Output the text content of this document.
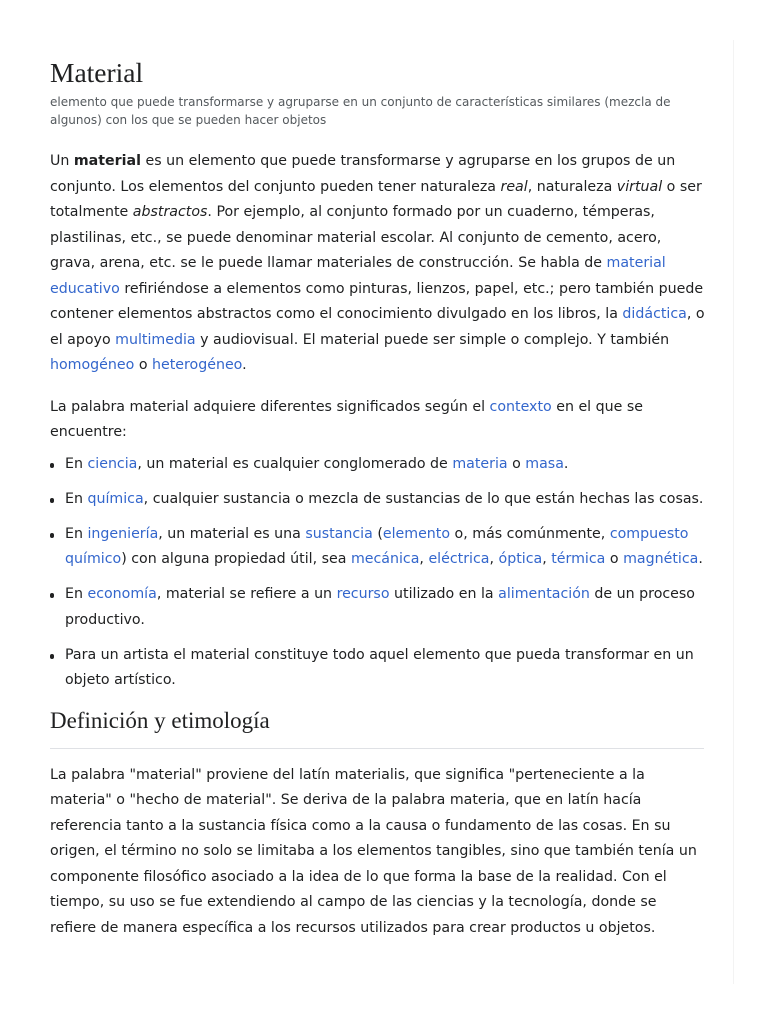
Material
elemento que puede transformarse y agruparse en un conjunto de características similares (mezcla de algunos) con los que se pueden hacer objetos

Un material es un elemento que puede transformarse y agruparse en los grupos de un conjunto. Los elementos del conjunto pueden tener naturaleza real, naturaleza virtual o ser totalmente abstractos. Por ejemplo, al conjunto formado por un cuaderno, témperas, plastilinas, etc., se puede denominar material escolar. Al conjunto de cemento, acero, grava, arena, etc. se le puede llamar materiales de construcción. Se habla de material educativo refiriéndose a elementos como pinturas, lienzos, papel, etc.; pero también puede contener elementos abstractos como el conocimiento divulgado en los libros, la didáctica, o el apoyo multimedia y audiovisual. El material puede ser simple o complejo. Y también homogéneo o heterogéneo.

La palabra material adquiere diferentes significados según el contexto en el que se encuentre:

En ciencia, un material es cualquier conglomerado de materia o masa.
En química, cualquier sustancia o mezcla de sustancias de lo que están hechas las cosas.
En ingeniería, un material es una sustancia (elemento o, más comúnmente, compuesto químico) con alguna propiedad útil, sea mecánica, eléctrica, óptica, térmica o magnética.
En economía, material se refiere a un recurso utilizado en la alimentación de un proceso productivo.
Para un artista el material constituye todo aquel elemento que pueda transformar en un objeto artístico.
Definición y etimología

La palabra "material" proviene del latín materialis, que significa "perteneciente a la materia" o "hecho de material". Se deriva de la palabra materia, que en latín hacía referencia tanto a la sustancia física como a la causa o fundamento de las cosas. En su origen, el término no solo se limitaba a los elementos tangibles, sino que también tenía un componente filosófico asociado a la idea de lo que forma la base de la realidad. Con el tiempo, su uso se fue extendiendo al campo de las ciencias y la tecnología, donde se refiere de manera específica a los recursos utilizados para crear productos u objetos.
